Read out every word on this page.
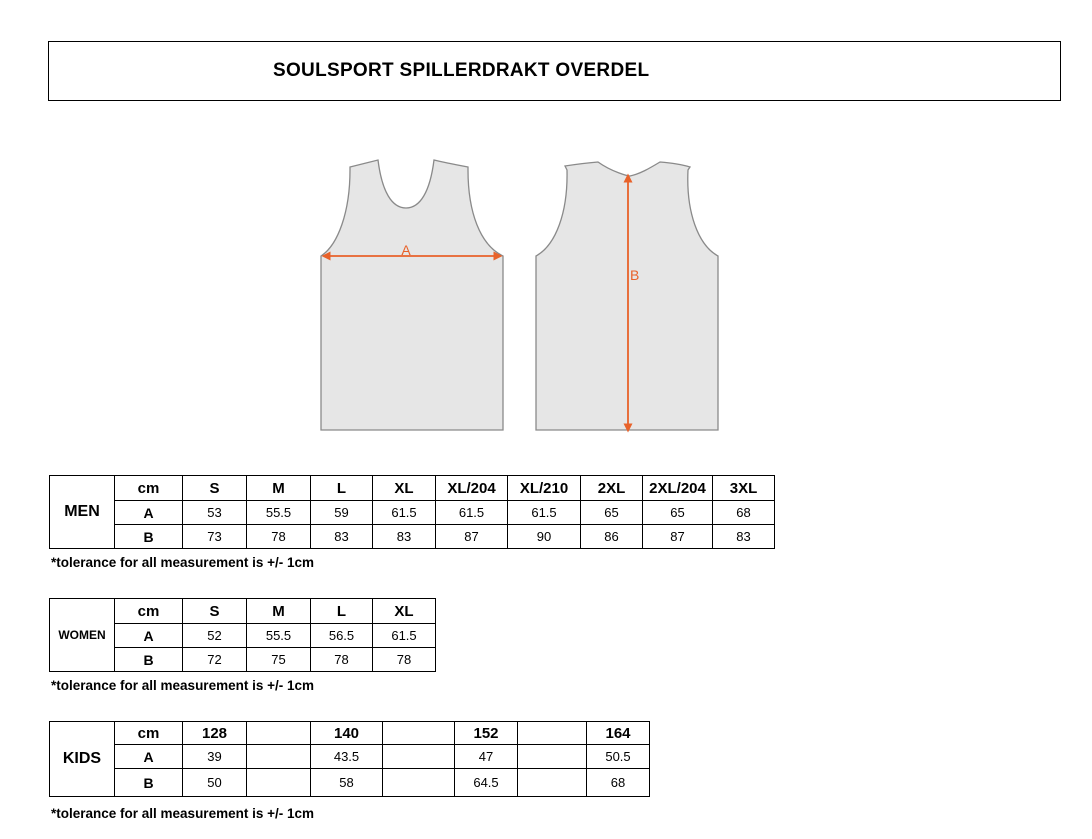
SOULSPORT SPILLERDRAKT OVERDEL
A
B
MEN	cm	S	M	L	XL	XL/204	XL/210	2XL	2XL/204	3XL
	A	53	55.5	59	61.5	61.5	61.5	65	65	68
	B	73	78	83	83	87	90	86	87	83
*tolerance for all measurement is +/- 1cm
WOMEN	cm	S	M	L	XL
	A	52	55.5	56.5	61.5
	B	72	75	78	78
*tolerance for all measurement is +/- 1cm
KIDS	cm	128		140		152		164
	A	39		43.5		47		50.5
	B	50		58		64.5		68
*tolerance for all measurement is +/- 1cm
